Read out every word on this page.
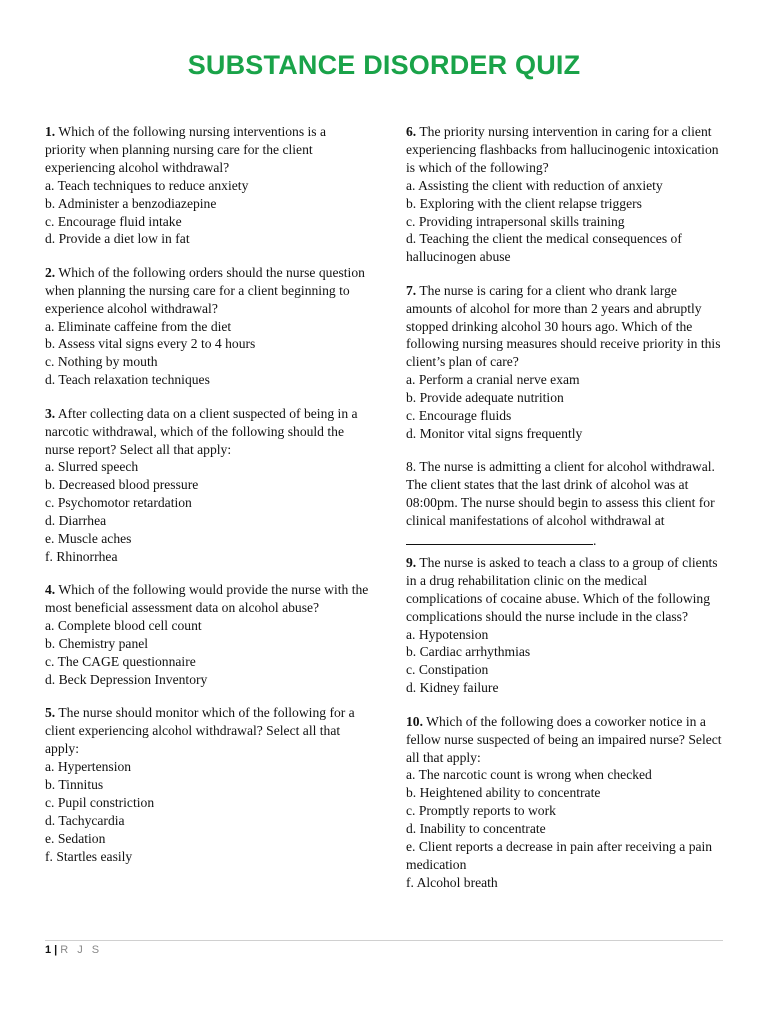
SUBSTANCE DISORDER QUIZ
1. Which of the following nursing interventions is a priority when planning nursing care for the client experiencing alcohol withdrawal?
a. Teach techniques to reduce anxiety
b. Administer a benzodiazepine
c. Encourage fluid intake
d. Provide a diet low in fat
2. Which of the following orders should the nurse question when planning the nursing care for a client beginning to experience alcohol withdrawal?
a. Eliminate caffeine from the diet
b. Assess vital signs every 2 to 4 hours
c. Nothing by mouth
d. Teach relaxation techniques
3. After collecting data on a client suspected of being in a narcotic withdrawal, which of the following should the nurse report? Select all that apply:
a. Slurred speech
b. Decreased blood pressure
c. Psychomotor retardation
d. Diarrhea
e. Muscle aches
f. Rhinorrhea
4. Which of the following would provide the nurse with the most beneficial assessment data on alcohol abuse?
a. Complete blood cell count
b. Chemistry panel
c. The CAGE questionnaire
d. Beck Depression Inventory
5. The nurse should monitor which of the following for a client experiencing alcohol withdrawal? Select all that apply:
a. Hypertension
b. Tinnitus
c. Pupil constriction
d. Tachycardia
e. Sedation
f. Startles easily
6. The priority nursing intervention in caring for a client experiencing flashbacks from hallucinogenic intoxication is which of the following?
a. Assisting the client with reduction of anxiety
b. Exploring with the client relapse triggers
c. Providing intrapersonal skills training
d. Teaching the client the medical consequences of hallucinogen abuse
7. The nurse is caring for a client who drank large amounts of alcohol for more than 2 years and abruptly stopped drinking alcohol 30 hours ago. Which of the following nursing measures should receive priority in this client’s plan of care?
a. Perform a cranial nerve exam
b. Provide adequate nutrition
c. Encourage fluids
d. Monitor vital signs frequently
8. The nurse is admitting a client for alcohol withdrawal. The client states that the last drink of alcohol was at 08:00pm. The nurse should begin to assess this client for clinical manifestations of alcohol withdrawal at
.
9. The nurse is asked to teach a class to a group of clients in a drug rehabilitation clinic on the medical complications of cocaine abuse. Which of the following complications should the nurse include in the class?
a. Hypotension
b. Cardiac arrhythmias
c. Constipation
d. Kidney failure
10. Which of the following does a coworker notice in a fellow nurse suspected of being an impaired nurse? Select all that apply:
a. The narcotic count is wrong when checked
b. Heightened ability to concentrate
c. Promptly reports to work
d. Inability to concentrate
e. Client reports a decrease in pain after receiving a pain medication
f. Alcohol breath
1 | R J S
